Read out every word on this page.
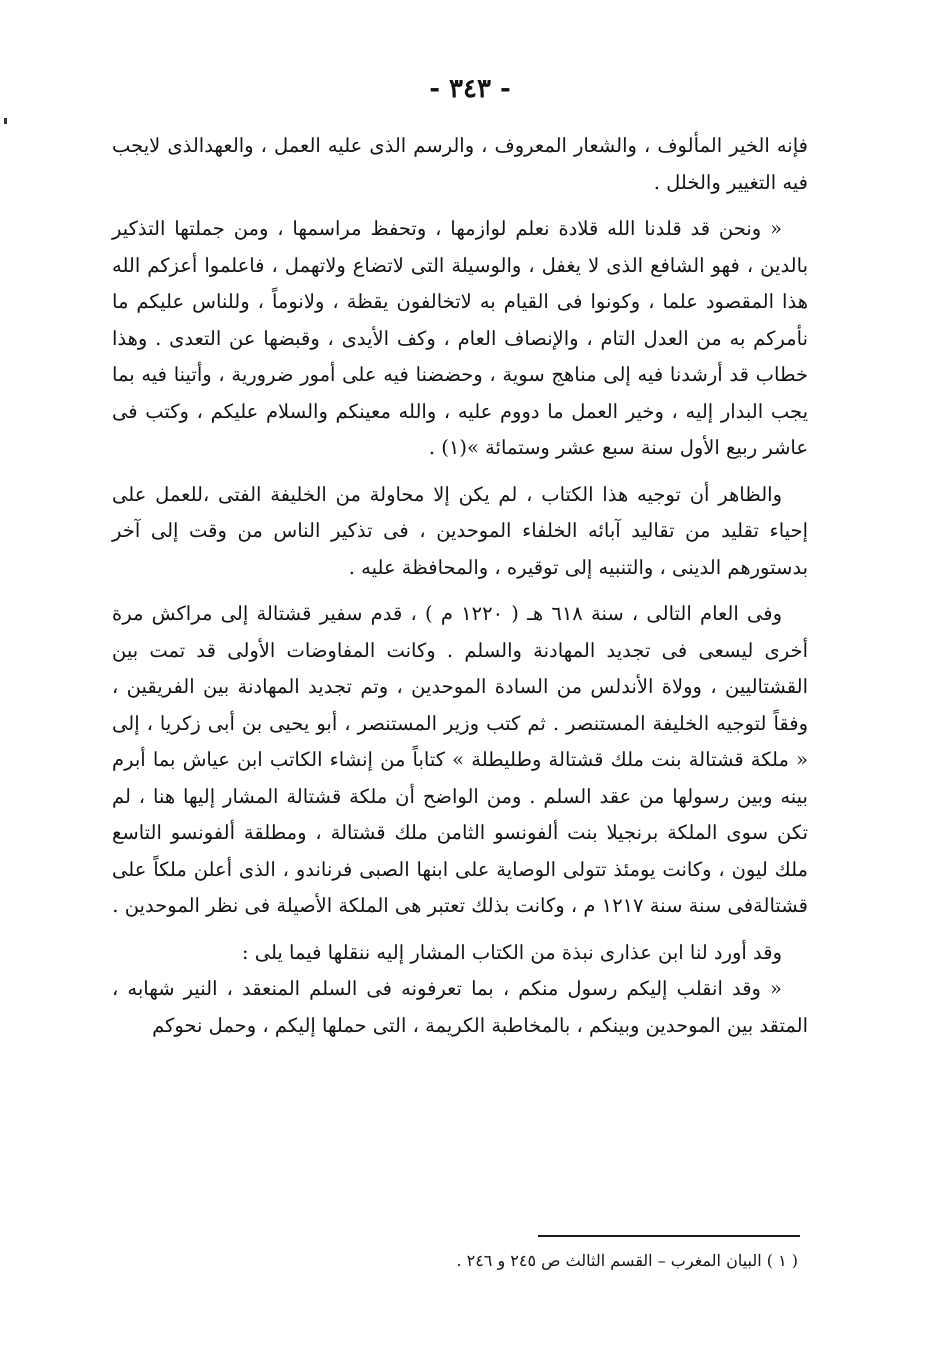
- ٣٤٣ -

فإنه الخير المألوف ، والشعار المعروف ، والرسم الذى عليه العمل ، والعهدالذى لايجب فيه التغيير والخلل .

« ونحن قد قلدنا الله قلادة نعلم لوازمها ، وتحفظ مراسمها ، ومن جملتها التذكير بالدين ، فهو الشافع الذى لا يغفل ، والوسيلة التى لاتضاع ولاتهمل ، فاعلموا أعزكم الله هذا المقصود علما ، وكونوا فى القيام به لاتخالفون يقظة ، ولانوماً ، وللناس عليكم ما نأمركم به من العدل التام ، والإنصاف العام ، وكف الأيدى ، وقبضها عن التعدى . وهذا خطاب قد أرشدنا فيه إلى مناهج سوية ، وحضضنا فيه على أمور ضرورية ، وأتينا فيه بما يجب البدار إليه ، وخير العمل ما دووم عليه ، والله معينكم والسلام عليكم ، وكتب فى عاشر ربيع الأول سنة سبع عشر وستمائة »(١) .

والظاهر أن توجيه هذا الكتاب ، لم يكن إلا محاولة من الخليفة الفتى ،للعمل على إحياء تقليد من تقاليد آبائه الخلفاء الموحدين ، فى تذكير الناس من وقت إلى آخر بدستورهم الدينى ، والتنبيه إلى توقيره ، والمحافظة عليه .

وفى العام التالى ، سنة ٦١٨ هـ ( ١٢٢٠ م ) ، قدم سفير قشتالة إلى مراكش مرة أخرى ليسعى فى تجديد المهادنة والسلم . وكانت المفاوضات الأولى قد تمت بين القشتاليين ، وولاة الأندلس من السادة الموحدين ، وتم تجديد المهادنة بين الفريقين ، وفقاً لتوجيه الخليفة المستنصر . ثم كتب وزير المستنصر ، أبو يحيى بن أبى زكريا ، إلى « ملكة قشتالة بنت ملك قشتالة وطليطلة » كتاباً من إنشاء الكاتب ابن عياش بما أبرم بينه وبين رسولها من عقد السلم . ومن الواضح أن ملكة قشتالة المشار إليها هنا ، لم تكن سوى الملكة برنجيلا بنت ألفونسو الثامن ملك قشتالة ، ومطلقة ألفونسو التاسع ملك ليون ، وكانت يومئذ تتولى الوصاية على ابنها الصبى فرناندو ، الذى أعلن ملكاً على قشتالةفى سنة سنة ١٢١٧ م ، وكانت بذلك تعتبر هى الملكة الأصيلة فى نظر الموحدين .

وقد أورد لنا ابن عذارى نبذة من الكتاب المشار إليه ننقلها فيما يلى :

« وقد انقلب إليكم رسول منكم ، بما تعرفونه فى السلم المنعقد ، النير شهابه ، المتقد بين الموحدين وبينكم ، بالمخاطبة الكريمة ، التى حملها إليكم ، وحمل نحوكم

( ١ ) البيان المغرب – القسم الثالث ص ٢٤٥ و ٢٤٦ .
